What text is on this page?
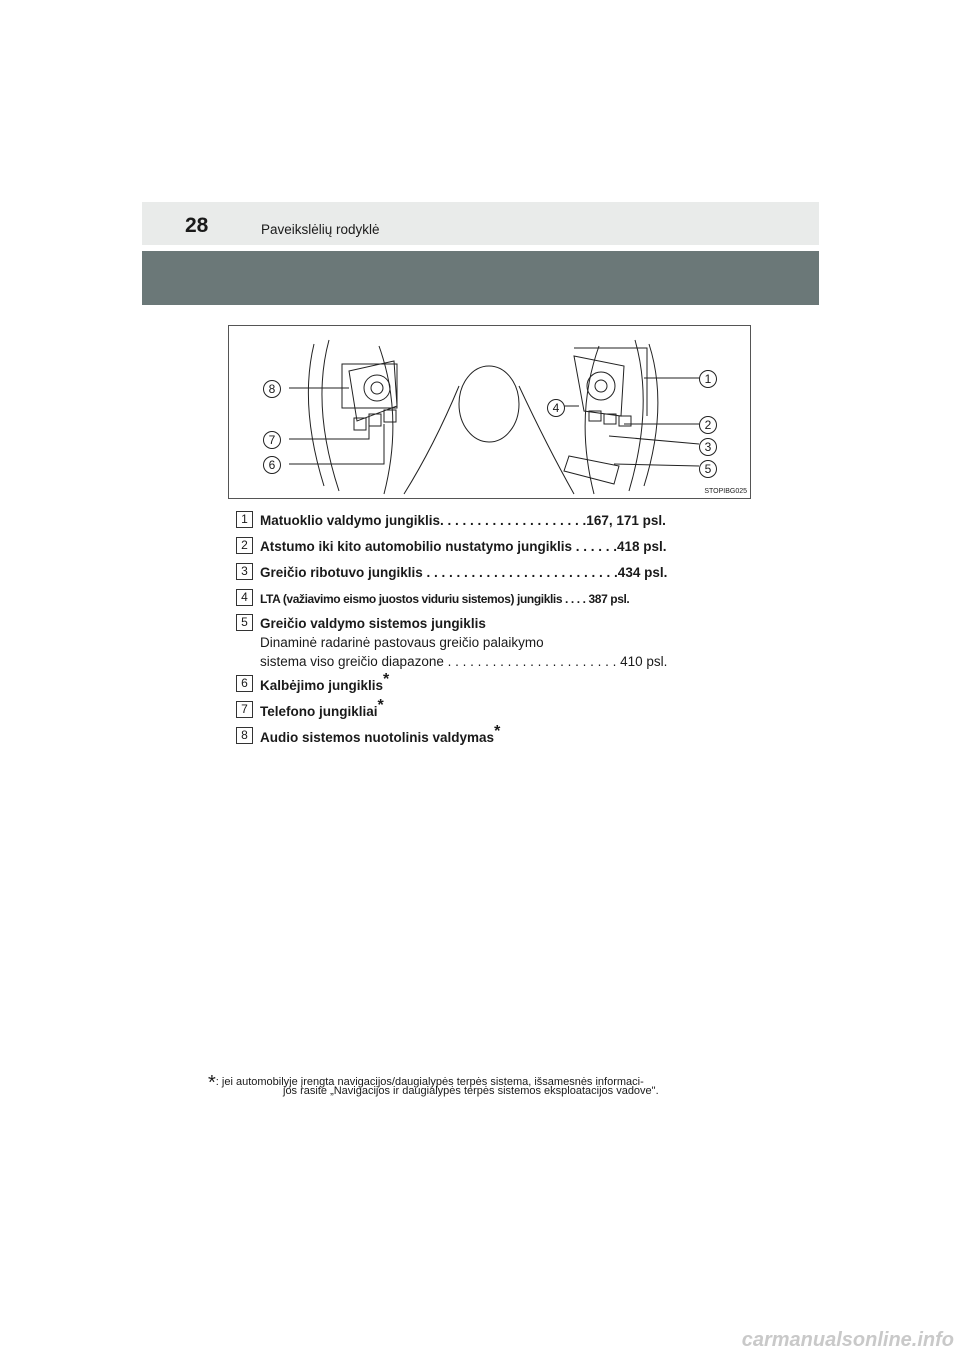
28	Paveikslėlių rodyklė
8
7
6
4
1
2
3
5
STOPIBG025
1 Matuoklio valdymo jungiklis. . . . . . . . . . . . . . . . . . . .167, 171 psl.
2 Atstumo iki kito automobilio nustatymo jungiklis . . . . . .418 psl.
3 Greičio ribotuvo jungiklis . . . . . . . . . . . . . . . . . . . . . . . . . .434 psl.
4	LTA (važiavimo eismo juostos viduriu sistemos) jungiklis . . . . 387 psl.
5 Greičio valdymo sistemos jungiklis
Dinaminė radarinė pastovaus greičio palaikymo
sistema viso greičio diapazone . . . . . . . . . . . . . . . . . . . . . . . 410 psl.
6 Kalbėjimo jungiklis*
7 Telefono jungikliai*
8 Audio sistemos nuotolinis valdymas*
*: jei automobilyje įrengta navigacijos/daugialypės terpės sistema, išsamesnės informaci-
jos rasite „Navigacijos ir daugialypės terpės sistemos eksploatacijos vadove".
carmanualsonline.info
